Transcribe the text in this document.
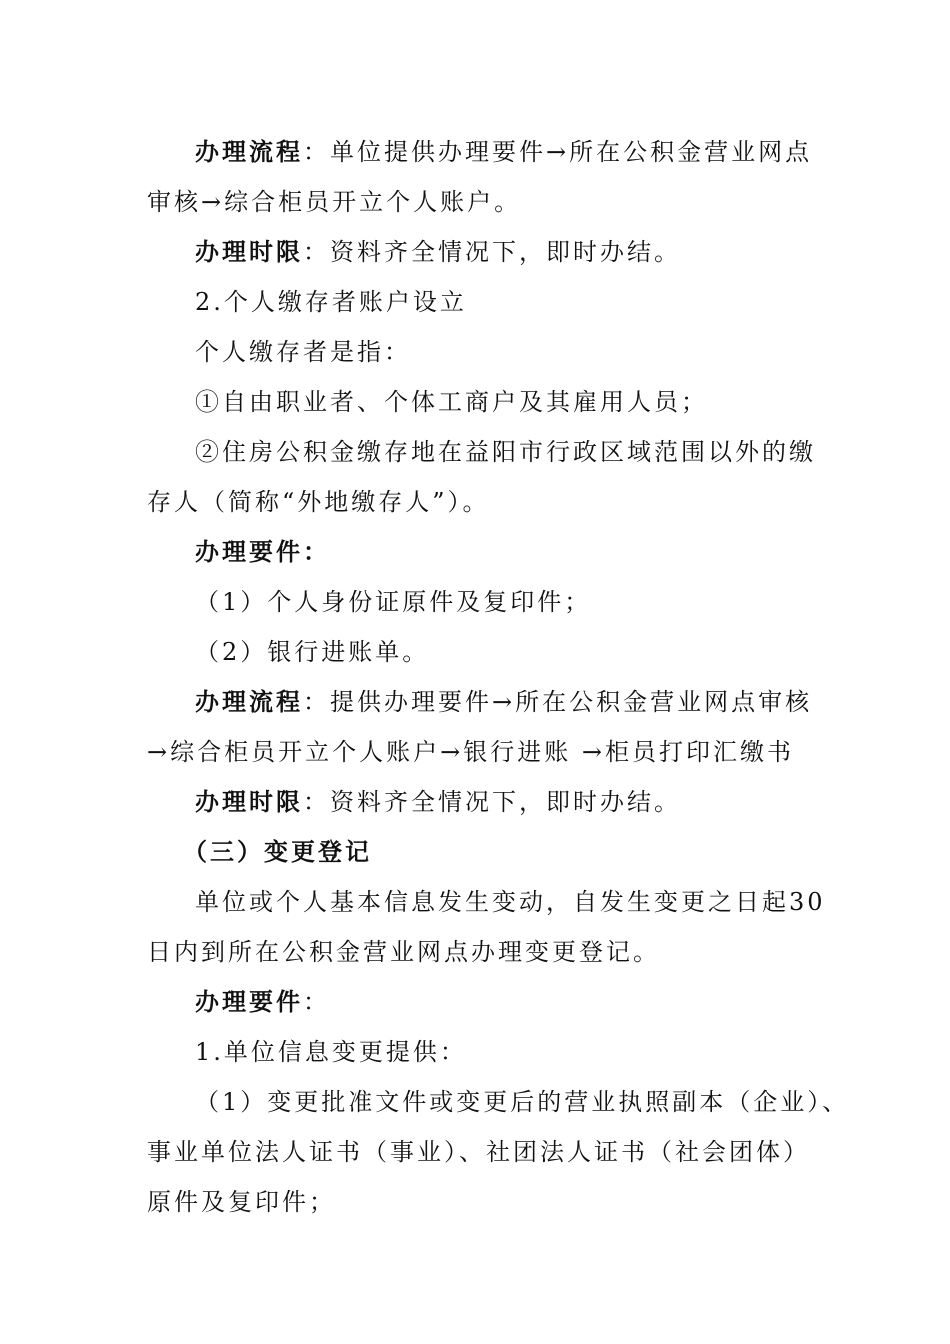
办理流程：单位提供办理要件→所在公积金营业网点
审核→综合柜员开立个人账户。
办理时限：资料齐全情况下，即时办结。
2.个人缴存者账户设立
个人缴存者是指：
①自由职业者、个体工商户及其雇用人员；
②住房公积金缴存地在益阳市行政区域范围以外的缴
存人（简称“外地缴存人”）。
办理要件：
（1）个人身份证原件及复印件；
（2）银行进账单。
办理流程：提供办理要件→所在公积金营业网点审核
→综合柜员开立个人账户→银行进账 →柜员打印汇缴书
办理时限：资料齐全情况下，即时办结。
（三）变更登记
单位或个人基本信息发生变动，自发生变更之日起30
日内到所在公积金营业网点办理变更登记。
办理要件：
1.单位信息变更提供：
（1）变更批准文件或变更后的营业执照副本（企业）、
事业单位法人证书（事业）、社团法人证书（社会团体）
原件及复印件；
